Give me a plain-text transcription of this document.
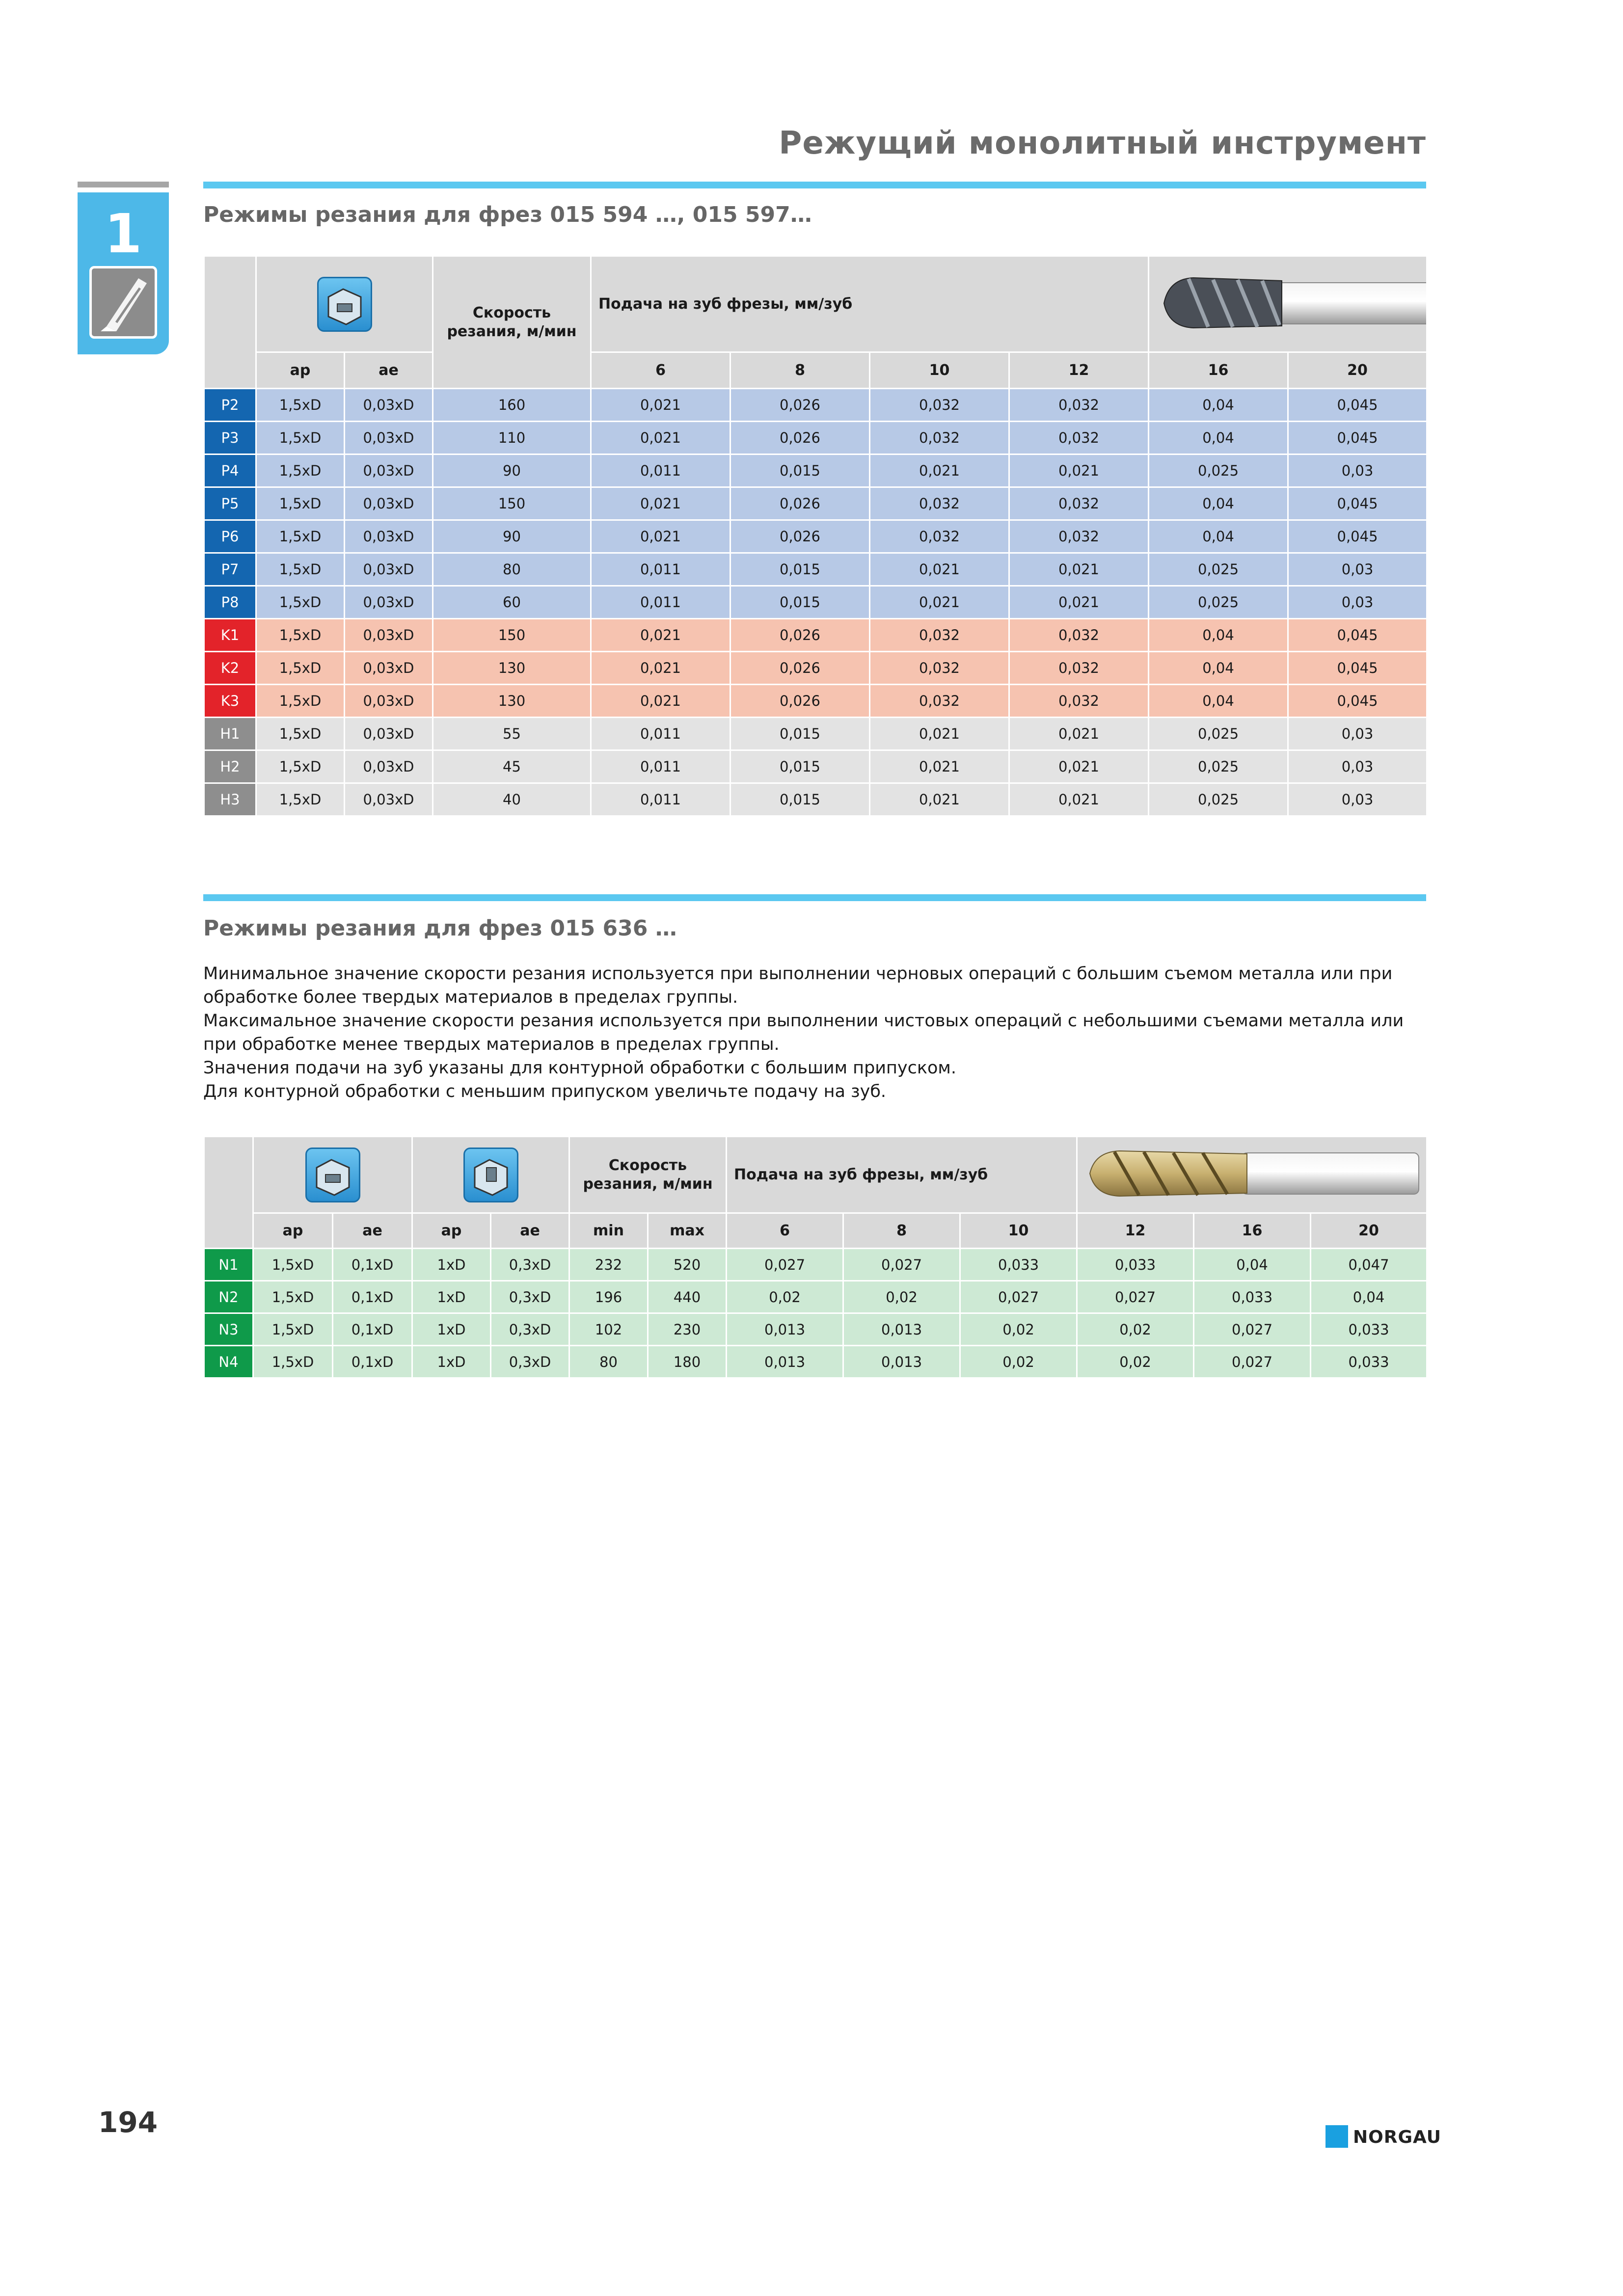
Режущий монолитный инструмент
1	Режимы резания для фрез 015 594 …, 015 597…

	Скорость резания, м/мин	Подача на зуб фрезы, мм/зуб	
	ap	ae		6	8	10	12	16	20
P2	1,5xD	0,03xD	160	0,021	0,026	0,032	0,032	0,04	0,045
P3	1,5xD	0,03xD	110	0,021	0,026	0,032	0,032	0,04	0,045
P4	1,5xD	0,03xD	90	0,011	0,015	0,021	0,021	0,025	0,03
P5	1,5xD	0,03xD	150	0,021	0,026	0,032	0,032	0,04	0,045
P6	1,5xD	0,03xD	90	0,021	0,026	0,032	0,032	0,04	0,045
P7	1,5xD	0,03xD	80	0,011	0,015	0,021	0,021	0,025	0,03
P8	1,5xD	0,03xD	60	0,011	0,015	0,021	0,021	0,025	0,03
K1	1,5xD	0,03xD	150	0,021	0,026	0,032	0,032	0,04	0,045
K2	1,5xD	0,03xD	130	0,021	0,026	0,032	0,032	0,04	0,045
K3	1,5xD	0,03xD	130	0,021	0,026	0,032	0,032	0,04	0,045
H1	1,5xD	0,03xD	55	0,011	0,015	0,021	0,021	0,025	0,03
H2	1,5xD	0,03xD	45	0,011	0,015	0,021	0,021	0,025	0,03
H3	1,5xD	0,03xD	40	0,011	0,015	0,021	0,021	0,025	0,03
Режимы резания для фрез 015 636 …
Минимальное значение скорости резания используется при выполнении черновых операций с большим съемом металла или при обработке более твердых материалов в пределах группы.
Максимальное значение скорости резания используется при выполнении чистовых операций с небольшими съемами металла или при обработке менее твердых материалов в пределах группы.
Значения подачи на зуб указаны для контурной обработки с большим припуском.
Для контурной обработки с меньшим припуском увеличьте подачу на зуб.

	Скорость резания, м/мин		Подача на зуб фрезы, мм/зуб	
	ap	ae	ap	ae	min	max	6	8	10	12	16	20
N1	1,5xD	0,1xD	1xD	0,3xD	232	520	0,027	0,027	0,033	0,033	0,04	0,047
N2	1,5xD	0,1xD	1xD	0,3xD	196	440	0,02	0,02	0,027	0,027	0,033	0,04
N3	1,5xD	0,1xD	1xD	0,3xD	102	230	0,013	0,013	0,02	0,02	0,027	0,033
N4	1,5xD	0,1xD	1xD	0,3xD	80	180	0,013	0,013	0,02	0,02	0,027	0,033
194	NORGAU
